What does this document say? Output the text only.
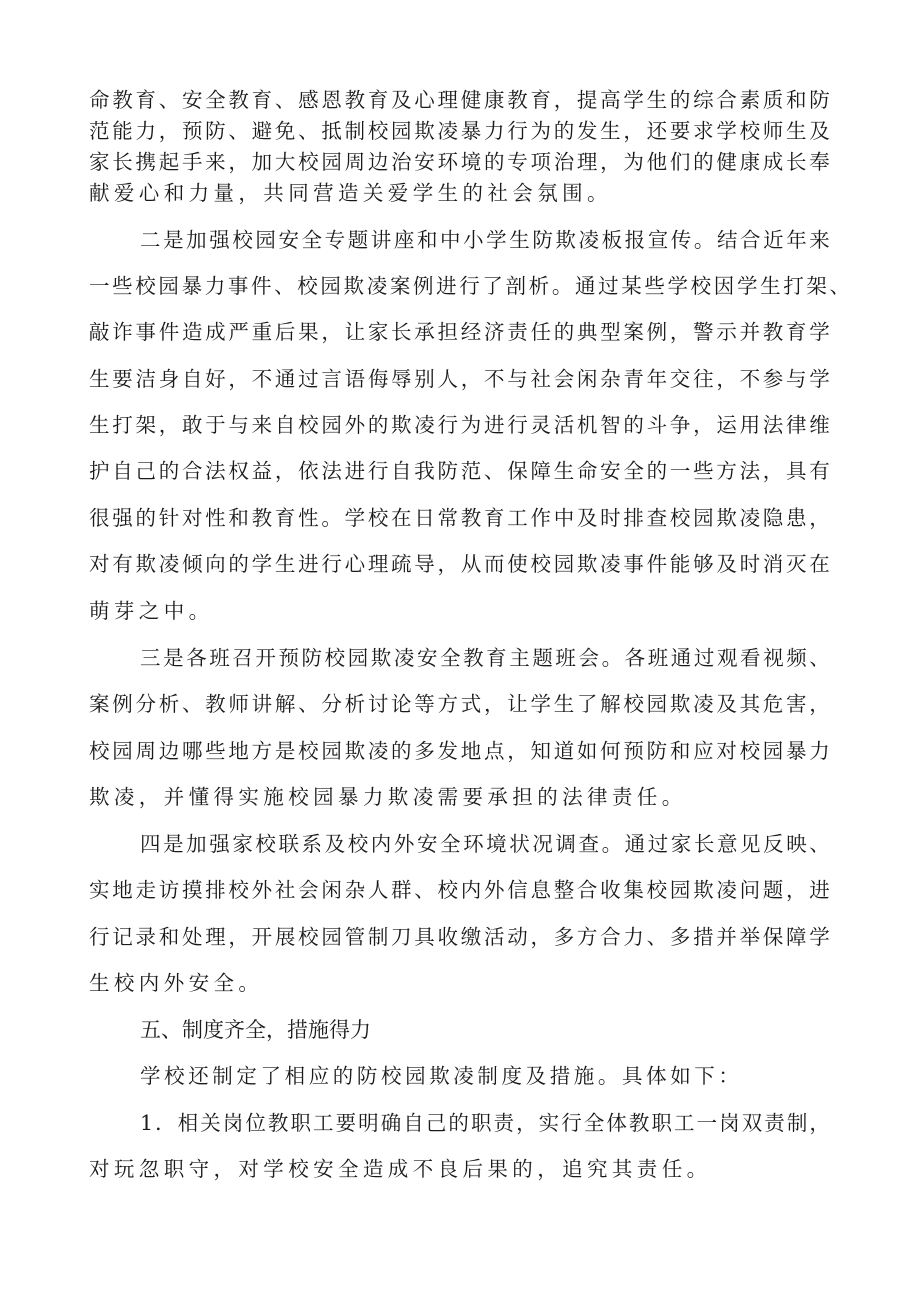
命 教 育 、 安 全 教 育 、 感 恩 教 育 及 心 理 健 康 教 育 ， 提 高 学 生 的 综 合 素 质 和 防
范 能 力 ， 预 防 、 避 免 、 抵 制 校 园 欺 凌 暴 力 行 为 的 发 生 ， 还 要 求 学 校 师 生 及
家 长 携 起 手 来 ， 加 大 校 园 周 边 治 安 环 境 的 专 项 治 理 ， 为 他 们 的 健 康 成 长 奉
献爱心和力量，共同营造关爱学生的社会氛围。
二 是 加 强 校 园 安 全 专 题 讲 座 和 中 小 学 生 防 欺 凌 板 报 宣 传 。 结 合 近 年 来
一 些 校 园 暴 力 事 件 、 校 园 欺 凌 案 例 进 行 了 剖 析 。 通 过 某 些 学 校 因 学 生 打 架 、
敲 诈 事 件 造 成 严 重 后 果 ， 让 家 长 承 担 经 济 责 任 的 典 型 案 例 ， 警 示 并 教 育 学
生 要 洁 身 自 好 ， 不 通 过 言 语 侮 辱 别 人 ， 不 与 社 会 闲 杂 青 年 交 往 ， 不 参 与 学
生 打 架 ， 敢 于 与 来 自 校 园 外 的 欺 凌 行 为 进 行 灵 活 机 智 的 斗 争 ， 运 用 法 律 维
护 自 己 的 合 法 权 益 ， 依 法 进 行 自 我 防 范 、 保 障 生 命 安 全 的 一 些 方 法 ， 具 有
很 强 的 针 对 性 和 教 育 性 。 学 校 在 日 常 教 育 工 作 中 及 时 排 查 校 园 欺 凌 隐 患 ，
对 有 欺 凌 倾 向 的 学 生 进 行 心 理 疏 导 ， 从 而 使 校 园 欺 凌 事 件 能 够 及 时 消 灭 在
萌芽之中。
三 是 各 班 召 开 预 防 校 园 欺 凌 安 全 教 育 主 题 班 会 。 各 班 通 过 观 看 视 频 、
案 例 分 析 、 教 师 讲 解 、 分 析 讨 论 等 方 式 ， 让 学 生 了 解 校 园 欺 凌 及 其 危 害 ，
校 园 周 边 哪 些 地 方 是 校 园 欺 凌 的 多 发 地 点 ， 知 道 如 何 预 防 和 应 对 校 园 暴 力
欺凌，并懂得实施校园暴力欺凌需要承担的法律责任。
四 是 加 强 家 校 联 系 及 校 内 外 安 全 环 境 状 况 调 查 。 通 过 家 长 意 见 反 映 、
实 地 走 访 摸 排 校 外 社 会 闲 杂 人 群 、 校 内 外 信 息 整 合 收 集 校 园 欺 凌 问 题 ， 进
行 记 录 和 处 理 ， 开 展 校 园 管 制 刀 具 收 缴 活 动 ， 多 方 合 力 、 多 措 并 举 保 障 学
生校内外安全。
五、制度齐全，措施得力
学校还制定了相应的防校园欺凌制度及措施。具体如下：
1 ． 相 关 岗 位 教 职 工 要 明 确 自 己 的 职 责 ， 实 行 全 体 教 职 工 一 岗 双 责 制 ，
对玩忽职守，对学校安全造成不良后果的，追究其责任。
